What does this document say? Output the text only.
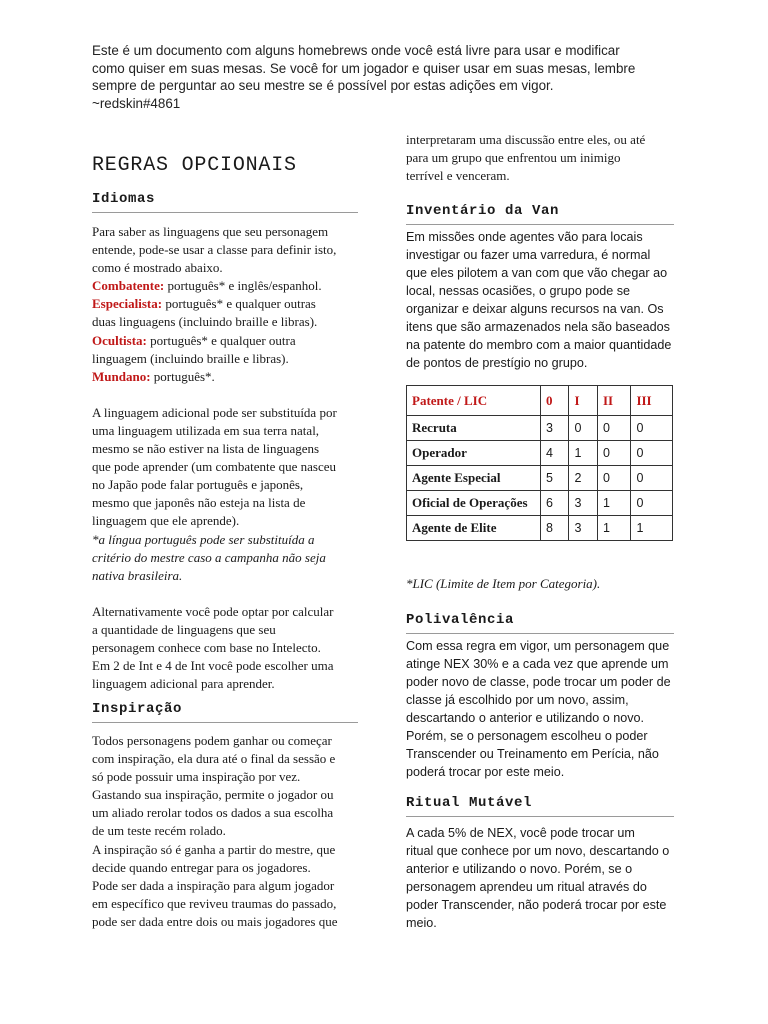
Este é um documento com alguns homebrews onde você está livre para usar e modificar

como quiser em suas mesas. Se você for um jogador e quiser usar em suas mesas, lembre

sempre de perguntar ao seu mestre se é possível por estas adições em vigor.

~redskin#4861

REGRAS OPCIONAIS
Idiomas

Para saber as linguagens que seu personagem

entende, pode-se usar a classe para definir isto,

como é mostrado abaixo.

Combatente: português* e inglês/espanhol.

Especialista: português* e qualquer outras

duas linguagens (incluindo braille e libras).

Ocultista: português* e qualquer outra

linguagem (incluindo braille e libras).

Mundano: português*.

A linguagem adicional pode ser substituída por

uma linguagem utilizada em sua terra natal,

mesmo se não estiver na lista de linguagens

que pode aprender (um combatente que nasceu

no Japão pode falar português e japonês,

mesmo que japonês não esteja na lista de

linguagem que ele aprende).

*a língua português pode ser substituída a

critério do mestre caso a campanha não seja

nativa brasileira.

Alternativamente você pode optar por calcular

a quantidade de linguagens que seu

personagem conhece com base no Intelecto.

Em 2 de Int e 4 de Int você pode escolher uma

linguagem adicional para aprender.

Inspiração

Todos personagens podem ganhar ou começar

com inspiração, ela dura até o final da sessão e

só pode possuir uma inspiração por vez.

Gastando sua inspiração, permite o jogador ou

um aliado rerolar todos os dados a sua escolha

de um teste recém rolado.

A inspiração só é ganha a partir do mestre, que

decide quando entregar para os jogadores.

Pode ser dada a inspiração para algum jogador

em específico que reviveu traumas do passado,

pode ser dada entre dois ou mais jogadores que

interpretaram uma discussão entre eles, ou até

para um grupo que enfrentou um inimigo

terrível e venceram.

Inventário da Van

Em missões onde agentes vão para locais

investigar ou fazer uma varredura, é normal

que eles pilotem a van com que vão chegar ao

local, nessas ocasiões, o grupo pode se

organizar e deixar alguns recursos na van. Os

itens que são armazenados nela são baseados

na patente do membro com a maior quantidade

de pontos de prestígio no grupo.

Polivalência

Com essa regra em vigor, um personagem que

atinge NEX 30% e a cada vez que aprende um

poder novo de classe, pode trocar um poder de

classe já escolhido por um novo, assim,

descartando o anterior e utilizando o novo.

Porém, se o personagem escolheu o poder

Transcender ou Treinamento em Perícia, não

poderá trocar por este meio.

Ritual Mutável

A cada 5% de NEX, você pode trocar um

ritual que conhece por um novo, descartando o

anterior e utilizando o novo. Porém, se o

personagem aprendeu um ritual através do

poder Transcender, não poderá trocar por este

meio.

Patente / LIC	0	I	II	III
Recruta	3	0	0	0
Operador	4	1	0	0
Agente Especial	5	2	0	0
Oficial de Operações	6	3	1	0
Agente de Elite	8	3	1	1

*LIC (Limite de Item por Categoria).
